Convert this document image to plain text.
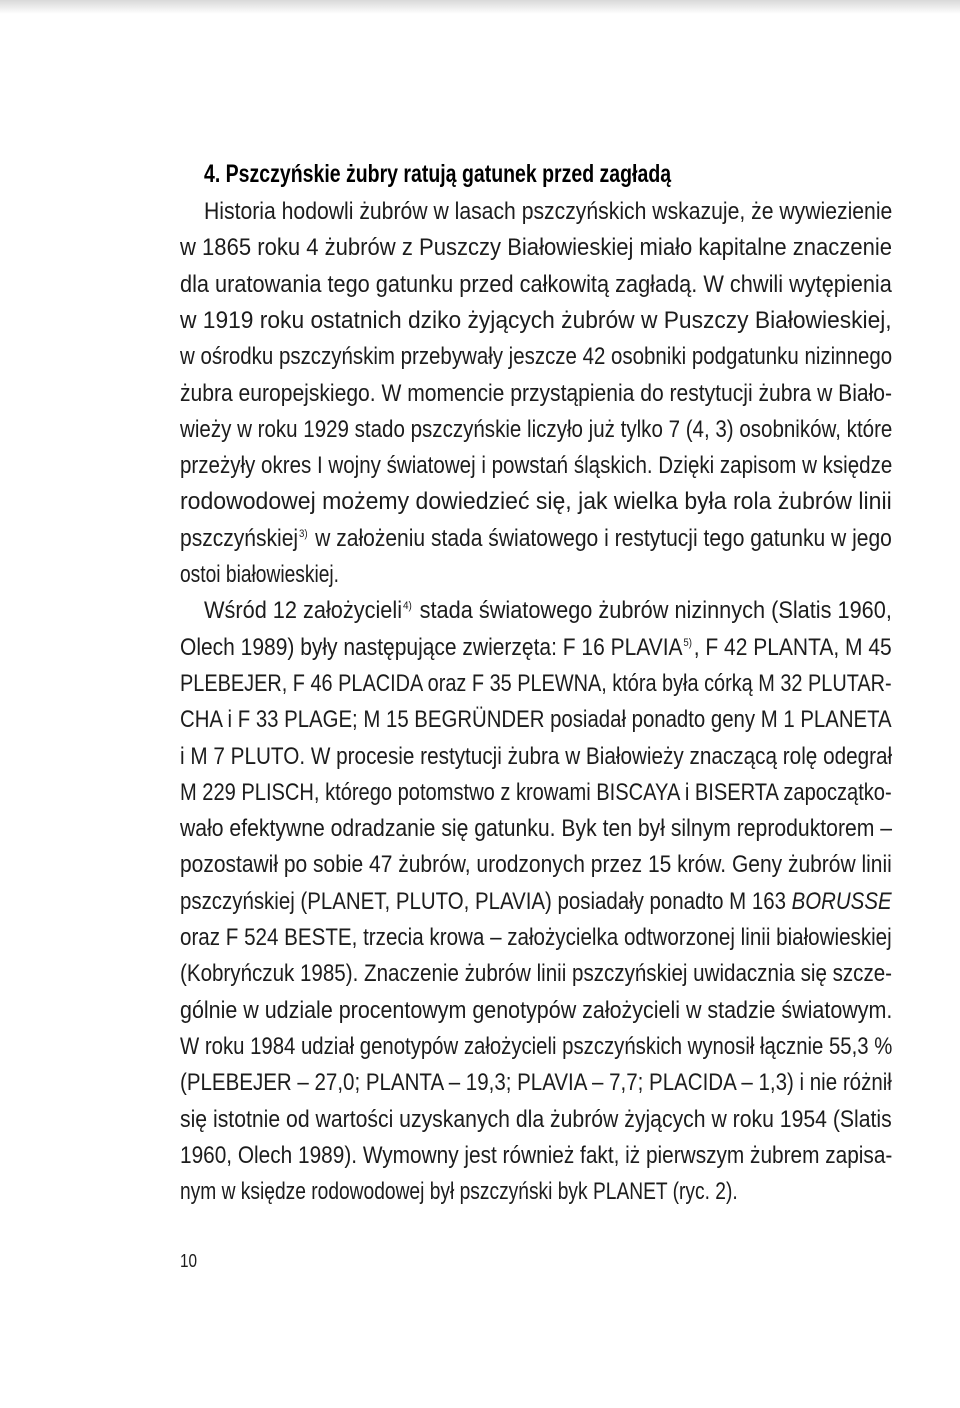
4. Pszczyńskie żubry ratują gatunek przed zagładą
Historia hodowli żubrów w lasach pszczyńskich wskazuje, że wywiezienie
w 1865 roku 4 żubrów z Puszczy Białowieskiej miało kapitalne znaczenie
dla uratowania tego gatunku przed całkowitą zagładą. W chwili wytępienia
w 1919 roku ostatnich dziko żyjących żubrów w Puszczy Białowieskiej,
w ośrodku pszczyńskim przebywały jeszcze 42 osobniki podgatunku nizinnego
żubra europejskiego. W momencie przystąpienia do restytucji żubra w Biało-
wieży w roku 1929 stado pszczyńskie liczyło już tylko 7 (4, 3) osobników, które
przeżyły okres I wojny światowej i powstań śląskich. Dzięki zapisom w księdze
rodowodowej możemy dowiedzieć się, jak wielka była rola żubrów linii
pszczyńskiej$^{3)}$ w założeniu stada światowego i restytucji tego gatunku w jego
ostoi białowieskiej.
Wśród 12 założycieli$^{4)}$ stada światowego żubrów nizinnych (Slatis 1960,
Olech 1989) były następujące zwierzęta: F 16 PLAVIA$^{5)}$, F 42 PLANTA, M 45
PLEBEJER, F 46 PLACIDA oraz F 35 PLEWNA, która była córką M 32 PLUTAR-
CHA i F 33 PLAGE; M 15 BEGRÜNDER posiadał ponadto geny M 1 PLANETA
i M 7 PLUTO. W procesie restytucji żubra w Białowieży znaczącą rolę odegrał
M 229 PLISCH, którego potomstwo z krowami BISCAYA i BISERTA zapoczątko-
wało efektywne odradzanie się gatunku. Byk ten był silnym reproduktorem –
pozostawił po sobie 47 żubrów, urodzonych przez 15 krów. Geny żubrów linii
pszczyńskiej (PLANET, PLUTO, PLAVIA) posiadały ponadto M 163 BORUSSE
oraz F 524 BESTE, trzecia krowa – założycielka odtworzonej linii białowieskiej
(Kobryńczuk 1985). Znaczenie żubrów linii pszczyńskiej uwidacznia się szcze-
gólnie w udziale procentowym genotypów założycieli w stadzie światowym.
W roku 1984 udział genotypów założycieli pszczyńskich wynosił łącznie 55,3 %
(PLEBEJER – 27,0; PLANTA – 19,3; PLAVIA – 7,7; PLACIDA – 1,3) i nie różnił
się istotnie od wartości uzyskanych dla żubrów żyjących w roku 1954 (Slatis
1960, Olech 1989). Wymowny jest również fakt, iż pierwszym żubrem zapisa-
nym w księdze rodowodowej był pszczyński byk PLANET (ryc. 2).
10
